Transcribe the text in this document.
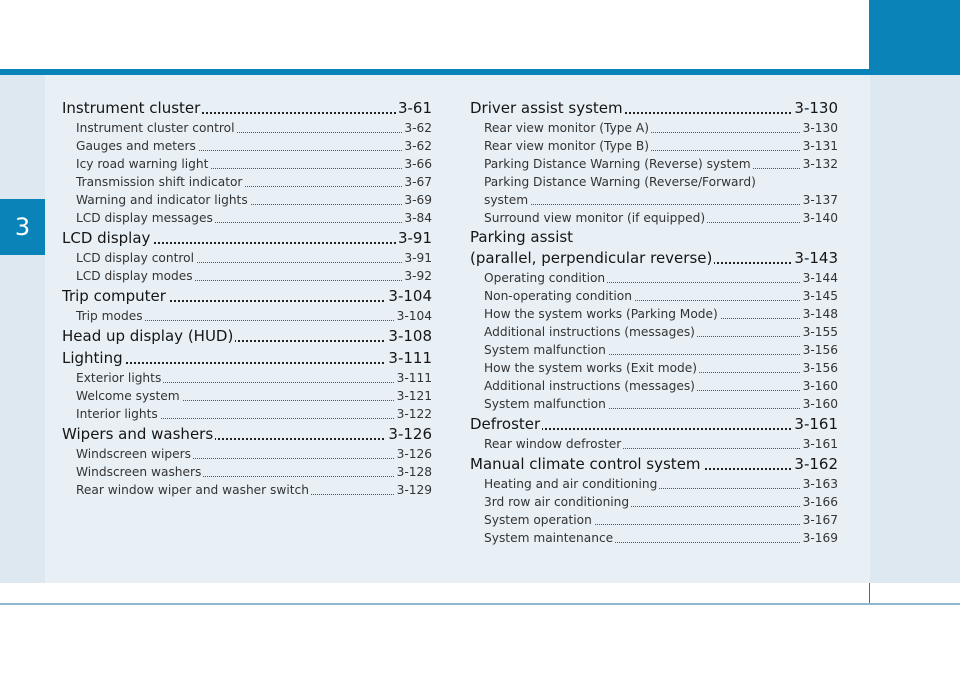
3
Instrument cluster	3-61
Instrument cluster control	3-62
Gauges and meters	3-62
Icy road warning light	3-66
Transmission shift indicator	3-67
Warning and indicator lights	3-69
LCD display messages	3-84
LCD display	3-91
LCD display control	3-91
LCD display modes	3-92
Trip computer	3-104
Trip modes	3-104
Head up display (HUD)	3-108
Lighting	3-111
Exterior lights	3-111
Welcome system	3-121
Interior lights	3-122
Wipers and washers	3-126
Windscreen wipers	3-126
Windscreen washers	3-128
Rear window wiper and washer switch	3-129
Driver assist system	3-130
Rear view monitor (Type A)	3-130
Rear view monitor (Type B)	3-131
Parking Distance Warning (Reverse) system	3-132
Parking Distance Warning (Reverse/Forward)
system	3-137
Surround view monitor (if equipped)	3-140
Parking assist
(parallel, perpendicular reverse)	3-143
Operating condition	3-144
Non-operating condition	3-145
How the system works (Parking Mode)	3-148
Additional instructions (messages)	3-155
System malfunction	3-156
How the system works (Exit mode)	3-156
Additional instructions (messages)	3-160
System malfunction	3-160
Defroster	3-161
Rear window defroster	3-161
Manual climate control system	3-162
Heating and air conditioning	3-163
3rd row air conditioning	3-166
System operation	3-167
System maintenance	3-169
